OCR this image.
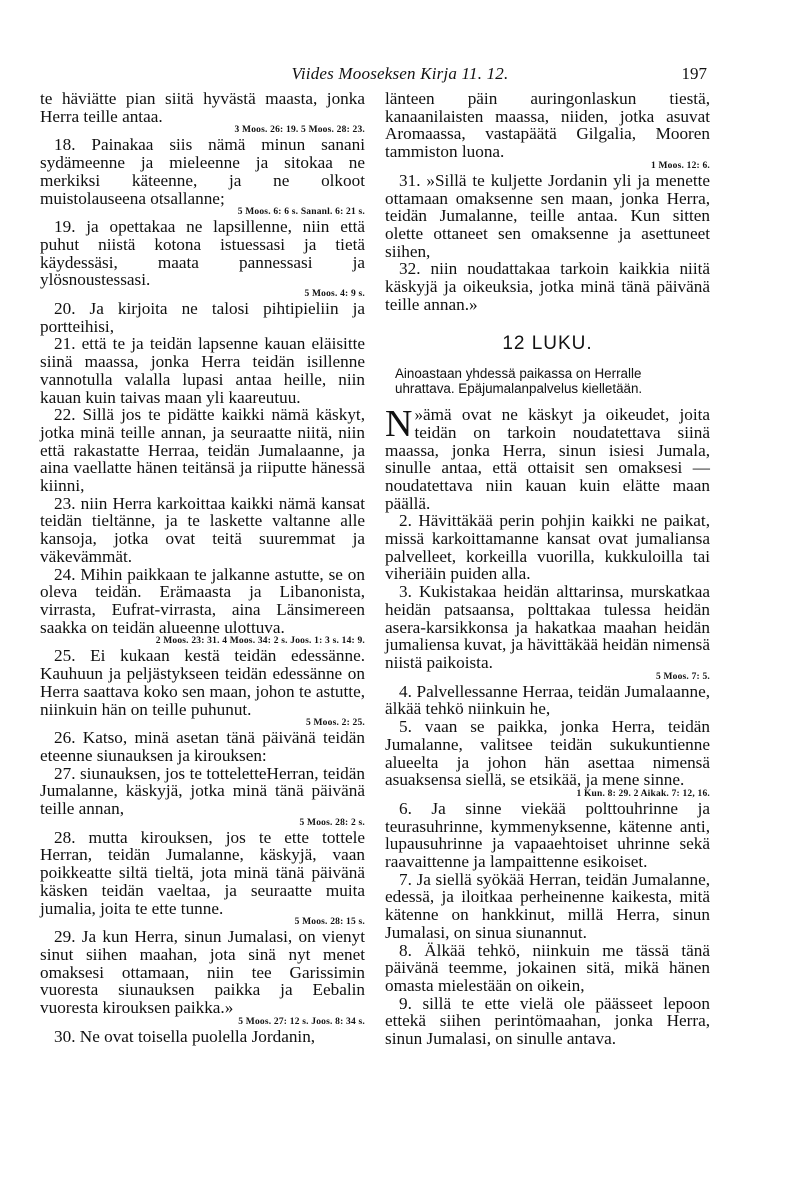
Viides Mooseksen Kirja 11. 12.	197

te häviätte pian siitä hyvästä maasta, jonka Herra teille antaa.
3 Moos. 26: 19. 5 Moos. 28: 23.

18. Painakaa siis nämä minun sanani sydämeenne ja mieleenne ja sitokaa ne merkiksi käteenne, ja ne olkoot muistolauseena otsallanne;
5 Moos. 6: 6 s. Sananl. 6: 21 s.

19. ja opettakaa ne lapsillenne, niin että puhut niistä kotona istuessasi ja tietä käydessäsi, maata pannessasi ja ylösnoustessasi.
5 Moos. 4: 9 s.

20. Ja kirjoita ne talosi pihtipieliin ja portteihisi,

21. että te ja teidän lapsenne kauan eläisitte siinä maassa, jonka Herra teidän isillenne vannotulla valalla lupasi antaa heille, niin kauan kuin taivas maan yli kaareutuu.

22. Sillä jos te pidätte kaikki nämä käskyt, jotka minä teille annan, ja seuraatte niitä, niin että rakastatte Herraa, teidän Jumalaanne, ja aina vaellatte hänen teitänsä ja riiputte hänessä kiinni,

23. niin Herra karkoittaa kaikki nämä kansat teidän tieltänne, ja te laskette valtanne alle kansoja, jotka ovat teitä suuremmat ja väkevämmät.

24. Mihin paikkaan te jalkanne astutte, se on oleva teidän. Erämaasta ja Libanonista, virrasta, Eufrat-virrasta, aina Länsimereen saakka on teidän alueenne ulottuva.
2 Moos. 23: 31. 4 Moos. 34: 2 s. Joos. 1: 3 s. 14: 9.

25. Ei kukaan kestä teidän edessänne. Kauhuun ja peljästykseen teidän edessänne on Herra saattava koko sen maan, johon te astutte, niinkuin hän on teille puhunut.
5 Moos. 2: 25.

26. Katso, minä asetan tänä päivänä teidän eteenne siunauksen ja kirouksen:

27. siunauksen, jos te totteletteHerran, teidän Jumalanne, käskyjä, jotka minä tänä päivänä teille annan,
5 Moos. 28: 2 s.

28. mutta kirouksen, jos te ette tottele Herran, teidän Jumalanne, käskyjä, vaan poikkeatte siltä tieltä, jota minä tänä päivänä käsken teidän vaeltaa, ja seuraatte muita jumalia, joita te ette tunne.
5 Moos. 28: 15 s.

29. Ja kun Herra, sinun Jumalasi, on vienyt sinut siihen maahan, jota sinä nyt menet omaksesi ottamaan, niin tee Garissimin vuoresta siunauksen paikka ja Eebalin vuoresta kirouksen paikka.»
5 Moos. 27: 12 s. Joos. 8: 34 s.

30. Ne ovat toisella puolella Jordanin,

länteen päin auringonlaskun tiestä, kanaanilaisten maassa, niiden, jotka asuvat Aromaassa, vastapäätä Gilgalia, Mooren tammiston luona.
1 Moos. 12: 6.

31. »Sillä te kuljette Jordanin yli ja menette ottamaan omaksenne sen maan, jonka Herra, teidän Jumalanne, teille antaa. Kun sitten olette ottaneet sen omaksenne ja asettuneet siihen,

32. niin noudattakaa tarkoin kaikkia niitä käskyjä ja oikeuksia, jotka minä tänä päivänä teille annan.»

12 LUKU.
Ainoastaan yhdessä paikassa on Herralle uhrattava. Epäjumalanpalvelus kielletään.

»
N ämä ovat ne käskyt ja oikeudet, joita teidän on tarkoin noudatettava siinä maassa, jonka Herra, sinun isiesi Jumala, sinulle antaa, että ottaisit sen omaksesi — noudatettava niin kauan kuin elätte maan päällä.

2. Hävittäkää perin pohjin kaikki ne paikat, missä karkoittamanne kansat ovat jumaliansa palvelleet, korkeilla vuorilla, kukkuloilla tai viheriäin puiden alla.

3. Kukistakaa heidän alttarinsa, murskatkaa heidän patsaansa, polttakaa tulessa heidän asera-karsikkonsa ja hakatkaa maahan heidän jumaliensa kuvat, ja hävittäkää heidän nimensä niistä paikoista.
5 Moos. 7: 5.

4. Palvellessanne Herraa, teidän Jumalaanne, älkää tehkö niinkuin he,

5. vaan se paikka, jonka Herra, teidän Jumalanne, valitsee teidän sukukuntienne alueelta ja johon hän asettaa nimensä asuaksensa siellä, se etsikää, ja mene sinne.
1 Kun. 8: 29. 2 Aikak. 7: 12, 16.

6. Ja sinne viekää polttouhrinne ja teurasuhrinne, kymmenyksenne, kätenne anti, lupausuhrinne ja vapaaehtoiset uhrinne sekä raavaittenne ja lampaittenne esikoiset.

7. Ja siellä syökää Herran, teidän Jumalanne, edessä, ja iloitkaa perheinenne kaikesta, mitä kätenne on hankkinut, millä Herra, sinun Jumalasi, on sinua siunannut.

8. Älkää tehkö, niinkuin me tässä tänä päivänä teemme, jokainen sitä, mikä hänen omasta mielestään on oikein,

9. sillä te ette vielä ole päässeet lepoon ettekä siihen perintömaahan, jonka Herra, sinun Jumalasi, on sinulle antava.
